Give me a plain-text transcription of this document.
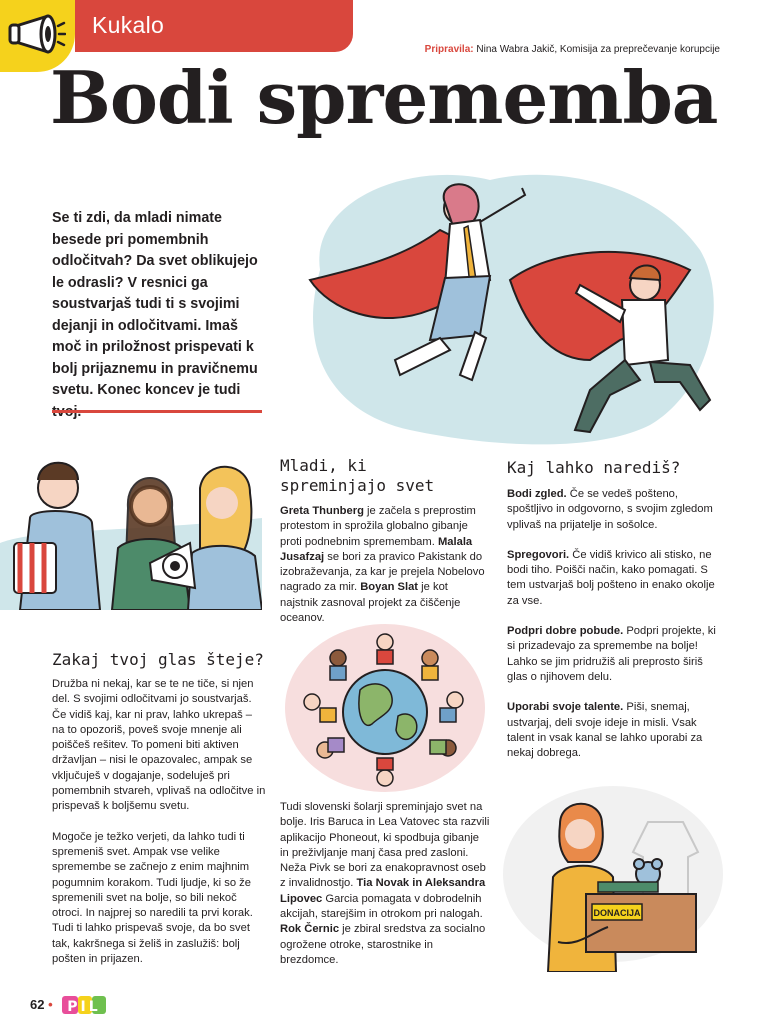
Kukalo
Pripravila: Nina Wabra Jakič, Komisija za preprečevanje korupcije
Bodi sprememba
Se ti zdi, da mladi nimate besede pri pomembnih odločitvah? Da svet oblikujejo le odrasli? V resnici ga soustvarjaš tudi ti s svojimi dejanji in odločitvami. Imaš moč in priložnost prispevati k bolj prijaznemu in pravičnemu svetu. Konec koncev je tudi
Mladi, ki spreminjajo svet
Greta Thunberg je začela s preprostim protestom in sprožila globalno gibanje proti podnebnim spremembam. Malala Jusafzaj se bori za pravico Pakistank do izobraževanja, za kar je prejela Nobelovo nagrado za mir. Boyan Slat je kot najstnik zasnoval projekt za čiščenje oceanov.
Tudi slovenski šolarji spreminjajo svet na bolje. Iris Baruca in Lea Vatovec sta razvili aplikacijo Phoneout, ki spodbuja gibanje in preživljanje manj časa pred zasloni. Neža Pivk se bori za enakopravnost oseb z invalidnostjo. Tia Novak in Aleksandra Lipovec Garcia pomagata v dobrodelnih akcijah, starejšim in otrokom pri nalogah. Rok Černic je zbiral sredstva za socialno ogrožene otroke, starostnike in brezdomce.
Zakaj tvoj glas šteje?

Družba ni nekaj, kar se te ne tiče, si njen del. S svojimi odločitvami jo soustvarjaš. Če vidiš kaj, kar ni prav, lahko ukrepaš – na to opozoriš, poveš svoje mnenje ali poiščeš rešitev. To pomeni biti aktiven državljan – nisi le opazovalec, ampak se vključuješ v dogajanje, sodeluješ pri pomembnih stvareh, vplivaš na odločitve in prispevaš k boljšemu svetu.

Mogoče je težko verjeti, da lahko tudi ti spremeniš svet. Ampak vse velike spremembe se začnejo z enim majhnim pogumnim korakom. Tudi ljudje, ki so že spremenili svet na bolje, so bili nekoč otroci. In najprej so naredili ta prvi korak. Tudi ti lahko prispevaš svoje, da bo svet tak, kakršnega si želiš in zaslužiš: bolj pošten in prijazen.

Kaj lahko narediš?

Bodi zgled. Če se vedeš pošteno, spoštljivo in odgovorno, s svojim zgledom vplivaš na prijatelje in sošolce.

Spregovori. Če vidiš krivico ali stisko, ne bodi tiho. Poišči način, kako pomagati. S tem ustvarjaš bolj pošteno in enako okolje za vse.

Podpri dobre pobude. Podpri projekte, ki si prizadevajo za spremembe na bolje! Lahko se jim pridružiš ali preprosto širiš glas o njihovem delu.

Uporabi svoje talente. Piši, snemaj, ustvarjaj, deli svoje ideje in misli. Vsak talent in vsak kanal se lahko uporabi za nekaj dobrega.

DONACIJA
62 • PIL
